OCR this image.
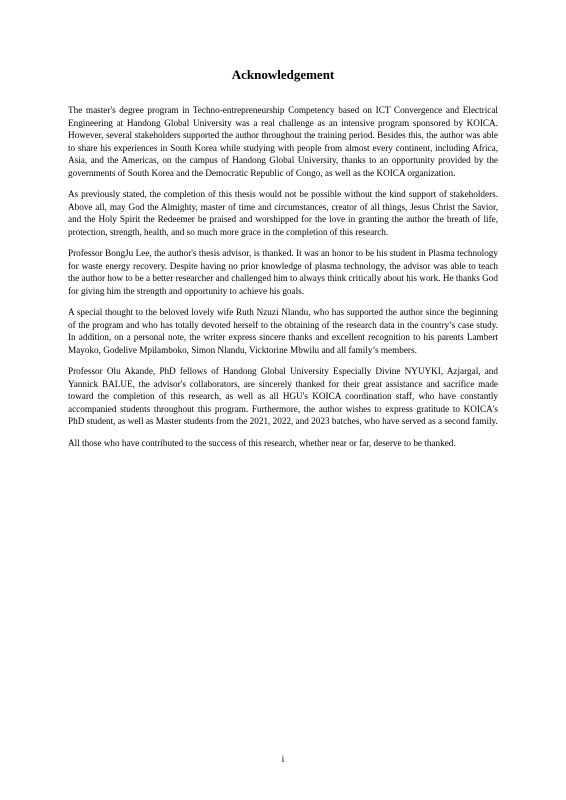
Acknowledgement

The master's degree program in Techno-entrepreneurship Competency based on ICT Convergence and Electrical Engineering at Handong Global University was a real challenge as an intensive program sponsored by KOICA. However, several stakeholders supported the author throughout the training period. Besides this, the author was able to share his experiences in South Korea while studying with people from almost every continent, including Africa, Asia, and the Americas, on the campus of Handong Global University, thanks to an opportunity provided by the governments of South Korea and the Democratic Republic of Congo, as well as the KOICA organization.

As previously stated, the completion of this thesis would not be possible without the kind support of stakeholders. Above all, may God the Almighty, master of time and circumstances, creator of all things, Jesus Christ the Savior, and the Holy Spirit the Redeemer be praised and worshipped for the love in granting the author the breath of life, protection, strength, health, and so much more grace in the completion of this research.

Professor BongJu Lee, the author's thesis advisor, is thanked. It was an honor to be his student in Plasma technology for waste energy recovery. Despite having no prior knowledge of plasma technology, the advisor was able to teach the author how to be a better researcher and challenged him to always think critically about his work. He thanks God for giving him the strength and opportunity to achieve his goals.

A special thought to the beloved lovely wife Ruth Nzuzi Nlandu, who has supported the author since the beginning of the program and who has totally devoted herself to the obtaining of the research data in the country’s case study. In addition, on a personal note, the writer express sincere thanks and excellent recognition to his parents Lambert Mayoko, Godelive Mpilamboko, Simon Nlandu, Vicktorine Mbwilu and all family’s members.

Professor Olu Akande, PhD fellows of Handong Global University Especially Divine NYUYKI, Azjargal, and Yannick BALUE, the advisor's collaborators, are sincerely thanked for their great assistance and sacrifice made toward the completion of this research, as well as all HGU's KOICA coordination staff, who have constantly accompanied students throughout this program. Furthermore, the author wishes to express gratitude to KOICA's PhD student, as well as Master students from the 2021, 2022, and 2023 batches, who have served as a second family.

All those who have contributed to the success of this research, whether near or far, deserve to be thanked.

i
